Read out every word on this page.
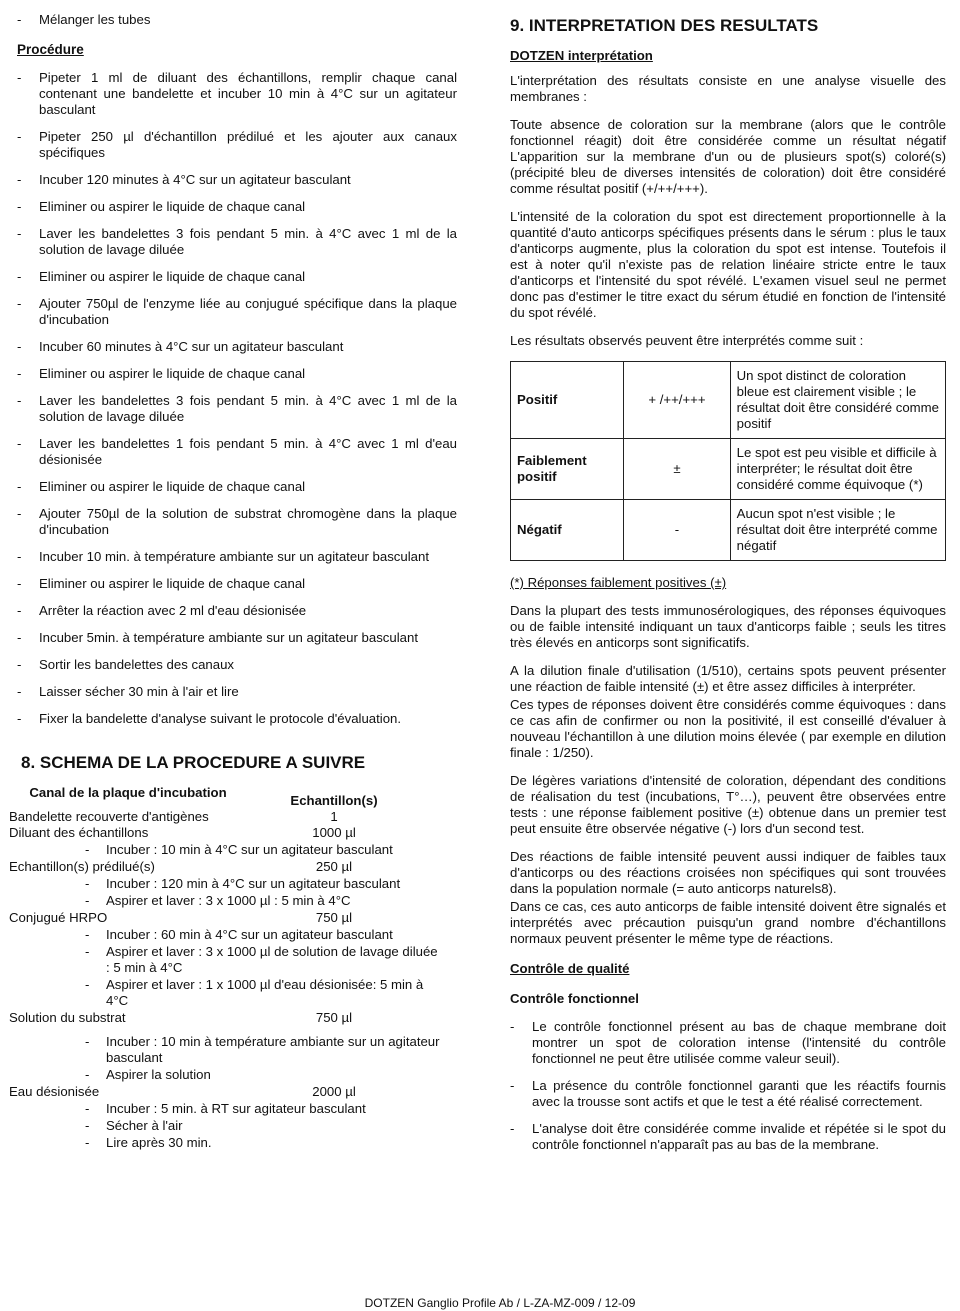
- Mélanger les tubes
Procédure
- Pipeter 1 ml de diluant des échantillons, remplir chaque canal contenant une bandelette et incuber 10 min à 4°C sur un agitateur basculant
- Pipeter 250 µl d'échantillon prédilué et les ajouter aux canaux spécifiques
- Incuber 120 minutes à 4°C sur un agitateur basculant
- Eliminer ou aspirer le liquide de chaque canal
- Laver les bandelettes 3 fois pendant 5 min. à 4°C avec 1 ml de la solution de lavage diluée
- Eliminer ou aspirer le liquide de chaque canal
- Ajouter 750µl de l'enzyme liée au conjugué spécifique dans la plaque d'incubation
- Incuber 60 minutes à 4°C sur un agitateur basculant
- Eliminer ou aspirer le liquide de chaque canal
- Laver les bandelettes 3 fois pendant 5 min. à 4°C avec 1 ml de la solution de lavage diluée
- Laver les bandelettes 1 fois pendant 5 min. à 4°C avec 1 ml d'eau désionisée
- Eliminer ou aspirer le liquide de chaque canal
- Ajouter 750µl de la solution de substrat chromogène dans la plaque d'incubation
- Incuber 10 min. à température ambiante sur un agitateur basculant
- Eliminer ou aspirer le liquide de chaque canal
- Arrêter la réaction avec 2 ml d'eau désionisée
- Incuber 5min. à température ambiante sur un agitateur basculant
- Sortir les bandelettes des canaux
- Laisser sécher 30 min à l'air et lire
- Fixer la bandelette d'analyse suivant le protocole d'évaluation.
8. SCHEMA DE LA PROCEDURE A SUIVRE
Canal de la plaque d'incubation
Echantillon(s)
Bandelette recouverte d'antigènes	1
Diluant des échantillons	1000 µl
- Incuber : 10 min à 4°C sur un agitateur basculant
Echantillon(s) prédilué(s)	250 µl
- Incuber : 120 min à 4°C sur un agitateur basculant
- Aspirer et laver : 3 x 1000 µl : 5 min à 4°C
Conjugué HRPO	750 µl
- Incuber : 60 min à 4°C sur un agitateur basculant
- Aspirer et laver : 3 x 1000 µl de solution de lavage diluée : 5 min à 4°C
- Aspirer et laver : 1 x 1000 µl d'eau désionisée: 5 min à 4°C
Solution du substrat	750 µl
- Incuber : 10 min à température ambiante sur un agitateur basculant
- Aspirer la solution
Eau désionisée	2000 µl
- Incuber : 5 min. à RT sur agitateur basculant
- Sécher à l'air
- Lire après 30 min.
9. INTERPRETATION DES RESULTATS
DOTZEN interprétation
L'interprétation des résultats consiste en une analyse visuelle des membranes :
Toute absence de coloration sur la membrane (alors que le contrôle fonctionnel réagit) doit être considérée comme un résultat négatif L'apparition sur la membrane d'un ou de plusieurs spot(s) coloré(s) (précipité bleu de diverses intensités de coloration) doit être considéré comme résultat positif (+/++/+++).
L'intensité de la coloration du spot est directement proportionnelle à la quantité d'auto anticorps spécifiques présents dans le sérum : plus le taux d'anticorps augmente, plus la coloration du spot est intense. Toutefois il est à noter qu'il n'existe pas de relation linéaire stricte entre le taux d'anticorps et l'intensité du spot révélé. L'examen visuel seul ne permet donc pas d'estimer le titre exact du sérum étudié en fonction de l'intensité du spot révélé.
Les résultats observés peuvent être interprétés comme suit :
Positif	+ /++/+++	Un spot distinct de coloration bleue est clairement visible ; le résultat doit être considéré comme positif
Faiblement positif	±	Le spot est peu visible et difficile à interpréter; le résultat doit être considéré comme équivoque (*)
Négatif	-	Aucun spot n'est visible ; le résultat doit être interprété comme négatif
(*) Réponses faiblement positives (±)
Dans la plupart des tests immunosérologiques, des réponses équivoques ou de faible intensité indiquant un taux d'anticorps faible ; seuls les titres très élevés en anticorps sont significatifs.
A la dilution finale d'utilisation (1/510), certains spots peuvent présenter une réaction de faible intensité (±) et être assez difficiles à interpréter.
Ces types de réponses doivent être considérés comme équivoques : dans ce cas afin de confirmer ou non la positivité, il est conseillé d'évaluer à nouveau l'échantillon à une dilution moins élevée ( par exemple en dilution finale : 1/250).
De légères variations d'intensité de coloration, dépendant des conditions de réalisation du test (incubations, T°…), peuvent être observées entre tests : une réponse faiblement positive (±) obtenue dans un premier test peut ensuite être observée négative (-) lors d'un second test.
Des réactions de faible intensité peuvent aussi indiquer de faibles taux d'anticorps ou des réactions croisées non spécifiques qui sont trouvées dans la population normale (= auto anticorps naturels8).
Dans ce cas, ces auto anticorps de faible intensité doivent être signalés et interprétés avec précaution puisqu'un grand nombre d'échantillons normaux peuvent présenter le même type de réactions.
Contrôle de qualité
Contrôle fonctionnel
- Le contrôle fonctionnel présent au bas de chaque membrane doit montrer un spot de coloration intense (l'intensité du contrôle fonctionnel ne peut être utilisée comme valeur seuil).
- La présence du contrôle fonctionnel garanti que les réactifs fournis avec la trousse sont actifs et que le test a été réalisé correctement.
- L'analyse doit être considérée comme invalide et répétée si le spot du contrôle fonctionnel n'apparaît pas au bas de la membrane.
DOTZEN Ganglio Profile Ab / L-ZA-MZ-009 / 12-09
